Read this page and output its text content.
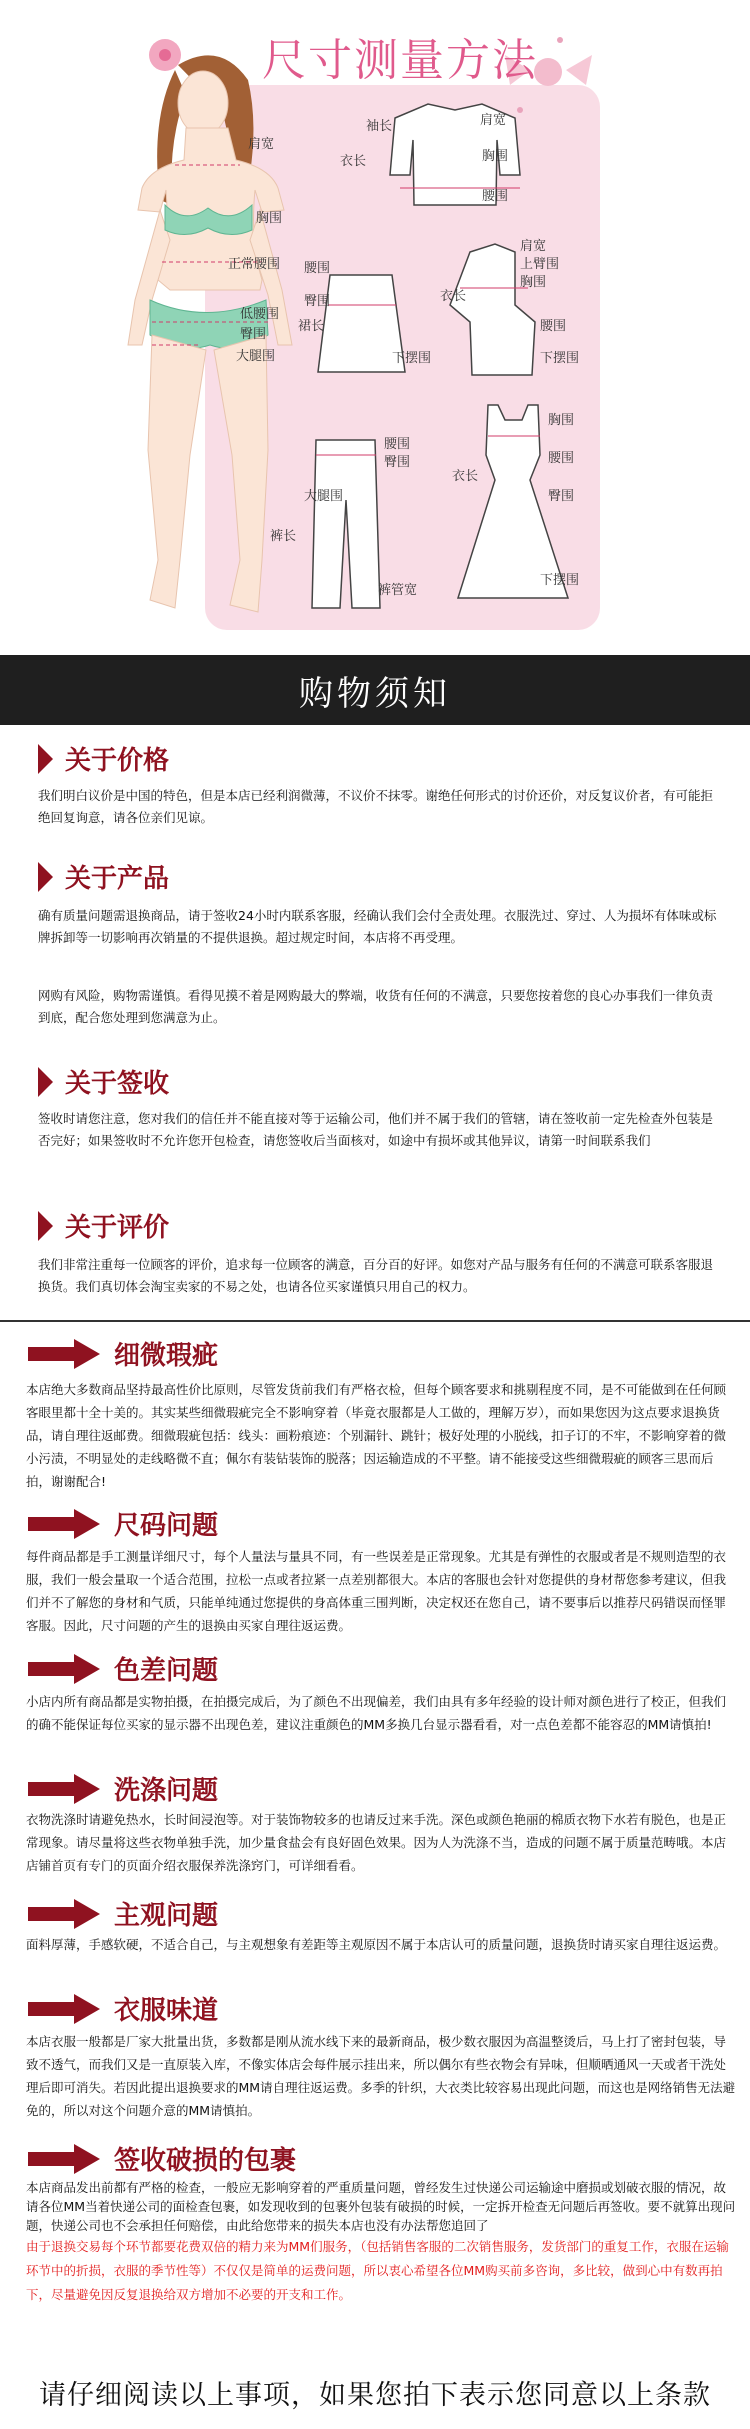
肩宽
胸围
正常腰围
低腰围
臀围
大腿围
袖长	肩宽
衣长	胸围
腰围
腰围
臀围
裙长
下摆围
肩宽
上臂围
胸围
衣长
腰围
下摆围
腰围
臀围
大腿围
裤长
裤管宽
胸围
腰围
臀围
衣长
下摆围
尺寸测量方法
购物须知
关于价格
我们明白议价是中国的特色，但是本店已经利润微薄，不议价不抹零。谢绝任何形式的讨价还价，对反复议价者，有可能拒绝回复询意，请各位亲们见谅。
关于产品
确有质量问题需退换商品，请于签收24小时内联系客服，经确认我们会付全责处理。衣服洗过、穿过、人为损坏有体味或标牌拆卸等一切影响再次销量的不提供退换。超过规定时间，本店将不再受理。
网购有风险，购物需谨慎。看得见摸不着是网购最大的弊端，收货有任何的不满意，只要您按着您的良心办事我们一律负责到底，配合您处理到您满意为止。
关于签收
签收时请您注意，您对我们的信任并不能直接对等于运输公司，他们并不属于我们的管辖，请在签收前一定先检查外包装是否完好；如果签收时不允许您开包检查，请您签收后当面核对，如途中有损坏或其他异议，请第一时间联系我们
关于评价
我们非常注重每一位顾客的评价，追求每一位顾客的满意，百分百的好评。如您对产品与服务有任何的不满意可联系客服退换货。我们真切体会淘宝卖家的不易之处，也请各位买家谨慎只用自己的权力。
细微瑕疵
本店绝大多数商品坚持最高性价比原则，尽管发货前我们有严格衣检，但每个顾客要求和挑剔程度不同，是不可能做到在任何顾客眼里都十全十美的。其实某些细微瑕疵完全不影响穿着（毕竟衣服都是人工做的，理解万岁），而如果您因为这点要求退换货品，请自理往返邮费。细微瑕疵包括：线头：画粉痕迹：个别漏针、跳针；极好处理的小脱线，扣子订的不牢，不影响穿着的微小污渍，不明显处的走线略微不直；佩尔有装钻装饰的脱落；因运输造成的不平整。请不能接受这些细微瑕疵的顾客三思而后拍，谢谢配合!
尺码问题
每件商品都是手工测量详细尺寸，每个人量法与量具不同，有一些误差是正常现象。尤其是有弹性的衣服或者是不规则造型的衣服，我们一般会量取一个适合范围，拉松一点或者拉紧一点差别都很大。本店的客服也会针对您提供的身材帮您参考建议，但我们并不了解您的身材和气质，只能单纯通过您提供的身高体重三围判断，决定权还在您自己，请不要事后以推荐尺码错误而怪罪客服。因此，尺寸问题的产生的退换由买家自理往返运费。
色差问题
小店内所有商品都是实物拍摄，在拍摄完成后，为了颜色不出现偏差，我们由具有多年经验的设计师对颜色进行了校正，但我们的确不能保证每位买家的显示器不出现色差，建议注重颜色的MM多换几台显示器看看，对一点色差都不能容忍的MM请慎拍!
洗涤问题
衣物洗涤时请避免热水，长时间浸泡等。对于装饰物较多的也请反过来手洗。深色或颜色艳丽的棉质衣物下水若有脱色，也是正常现象。请尽量将这些衣物单独手洗，加少量食盐会有良好固色效果。因为人为洗涤不当，造成的问题不属于质量范畴哦。本店店铺首页有专门的页面介绍衣服保养洗涤窍门，可详细看看。
主观问题
面料厚薄，手感软硬，不适合自己，与主观想象有差距等主观原因不属于本店认可的质量问题，退换货时请买家自理往返运费。
衣服味道
本店衣服一般都是厂家大批量出货，多数都是刚从流水线下来的最新商品，极少数衣服因为高温整烫后，马上打了密封包装，导致不透气，而我们又是一直原装入库，不像实体店会每件展示挂出来，所以偶尔有些衣物会有异味，但顺晒通风一天或者干洗处理后即可消失。若因此提出退换要求的MM请自理往返运费。多季的针织，大衣类比较容易出现此问题，而这也是网络销售无法避免的，所以对这个问题介意的MM请慎拍。
签收破损的包裹
本店商品发出前都有严格的检查，一般应无影响穿着的严重质量问题，曾经发生过快递公司运输途中磨损或划破衣服的情况，故请各位MM当着快递公司的面检查包裹，如发现收到的包裹外包装有破损的时候，一定拆开检查无问题后再签收。要不就算出现问题，快递公司也不会承担任何赔偿，由此给您带来的损失本店也没有办法帮您追回了
由于退换交易每个环节都要花费双倍的精力来为MM们服务，（包括销售客服的二次销售服务，发货部门的重复工作，衣服在运输环节中的折损，衣服的季节性等）不仅仅是简单的运费问题，所以衷心希望各位MM购买前多咨询，多比较，做到心中有数再拍下，尽量避免因反复退换给双方增加不必要的开支和工作。
请仔细阅读以上事项，如果您拍下表示您同意以上条款
